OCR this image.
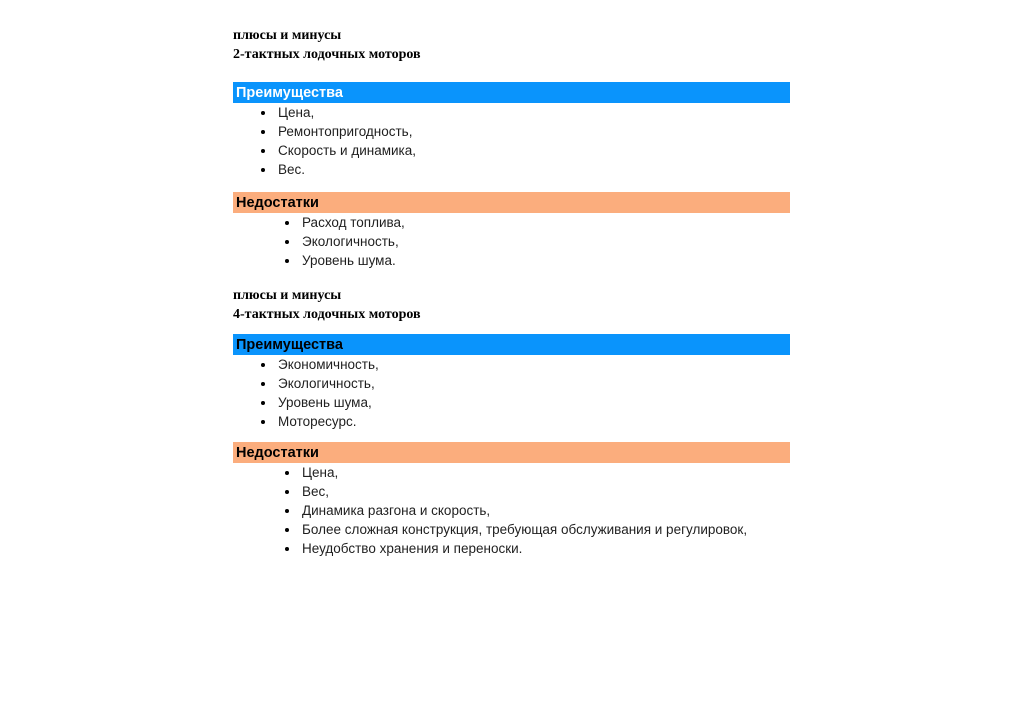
плюсы и минусы
2-тактных лодочных моторов
Преимущества
Цена,
Ремонтопригодность,
Скорость и динамика,
Вес.
Недостатки
Расход топлива,
Экологичность,
Уровень шума.
плюсы и минусы
4-тактных лодочных моторов
Преимущества
Экономичность,
Экологичность,
Уровень шума,
Моторесурс.
Недостатки
Цена,
Вес,
Динамика разгона и скорость,
Более сложная конструкция, требующая обслуживания и регулировок,
Неудобство хранения и переноски.
